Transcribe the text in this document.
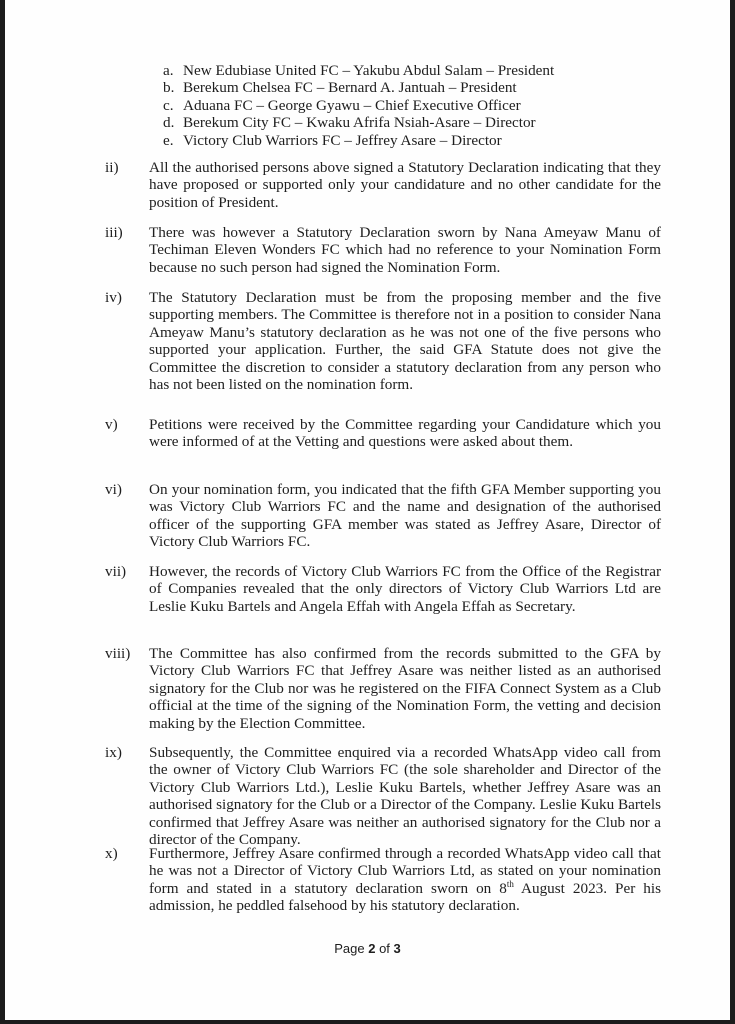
a. New Edubiase United FC – Yakubu Abdul Salam – President
b. Berekum Chelsea FC – Bernard A. Jantuah – President
c. Aduana FC – George Gyawu – Chief Executive Officer
d. Berekum City FC – Kwaku Afrifa Nsiah-Asare – Director
e. Victory Club Warriors FC – Jeffrey Asare – Director
ii)	All the authorised persons above signed a Statutory Declaration indicating that they have proposed or supported only your candidature and no other candidate for the position of President.
iii)	There was however a Statutory Declaration sworn by Nana Ameyaw Manu of Techiman Eleven Wonders FC which had no reference to your Nomination Form because no such person had signed the Nomination Form.
iv)	The Statutory Declaration must be from the proposing member and the five supporting members. The Committee is therefore not in a position to consider Nana Ameyaw Manu’s statutory declaration as he was not one of the five persons who supported your application. Further, the said GFA Statute does not give the Committee the discretion to consider a statutory declaration from any person who has not been listed on the nomination form.
v)	Petitions were received by the Committee regarding your Candidature which you were informed of at the Vetting and questions were asked about them.
vi)	On your nomination form, you indicated that the fifth GFA Member supporting you was Victory Club Warriors FC and the name and designation of the authorised officer of the supporting GFA member was stated as Jeffrey Asare, Director of Victory Club Warriors FC.
vii)	However, the records of Victory Club Warriors FC from the Office of the Registrar of Companies revealed that the only directors of Victory Club Warriors Ltd are Leslie Kuku Bartels and Angela Effah with Angela Effah as Secretary.
viii)	The Committee has also confirmed from the records submitted to the GFA by Victory Club Warriors FC that Jeffrey Asare was neither listed as an authorised signatory for the Club nor was he registered on the FIFA Connect System as a Club official at the time of the signing of the Nomination Form, the vetting and decision making by the Election Committee.
ix)	Subsequently, the Committee enquired via a recorded WhatsApp video call from the owner of Victory Club Warriors FC (the sole shareholder and Director of the Victory Club Warriors Ltd.), Leslie Kuku Bartels, whether Jeffrey Asare was an authorised signatory for the Club or a Director of the Company. Leslie Kuku Bartels confirmed that Jeffrey Asare was neither an authorised signatory for the Club nor a director of the Company.
x)	Furthermore, Jeffrey Asare confirmed through a recorded WhatsApp video call that he was not a Director of Victory Club Warriors Ltd, as stated on your nomination form and stated in a statutory declaration sworn on 8th August 2023. Per his admission, he peddled falsehood by his statutory declaration.
Page 2 of 3
